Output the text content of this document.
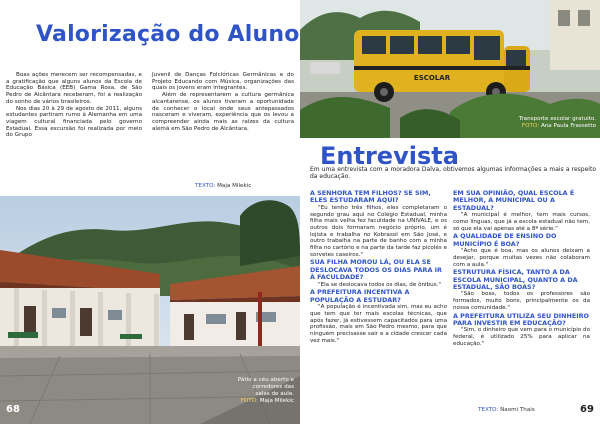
Valorização do Aluno

Boas ações merecem ser recompensadas, e a gratificação que alguns alunos da Escola de Educação Básica (EEB) Gama Rosa, de São Pedro de Alcântara receberam, foi a realização do sonho de vários brasileiros.

Nos dias 20 à 29 de agosto de 2011, alguns estudantes partiram rumo à Alemanha em uma viagem cultural financiada pelo governo Estadual. Essa excursão foi realizada por meio do Grupo

Juvenil de Danças Folclóricas Germânicas e do Projeto Educando com Música, organizações das quais os jovens eram integrantes.

Além de representarem a cultura germânica alcantarense, os alunos tiveram a oportunidade de conhecer o local onde seus antepassados nasceram e viveram, experiência que os levou a compreender ainda mais as raízes da cultura alemã em São Pedro de Alcântara.

TEXTO: Maja Milekic
Pátio a céu aberto e
corredores das
salas de aula.
FOTO: Maja Milekic
68
ESCOLAR
Transporte escolar gratuito.
FOTO: Ana Paula Frassetto
Entrevista
Em uma entrevista com a moradora Dalva, obtivemos algumas informações a mais a respeito da educação.
A SENHORA TEM FILHOS? SE SIM, ELES ESTUDARAM AQUI?
"Eu tenho três filhos, eles completaram o segundo grau aqui no Colégio Estadual, minha filha mais velha fez faculdade na UNIVALE, e os outros dois formaram negócio próprio, um é lojista e trabalha no Kobrasol em São José, e outro trabalha na parte de banho com a minha filha no cartório e na parte da tarde faz picolés e sorvetes caseiros."
SUA FILHA MOROU LÁ, OU ELA SE DESLOCAVA TODOS OS DIAS PARA IR À FACULDADE?
"Ela se deslocava todos os dias, de ônibus."
A PREFEITURA INCENTIVA A POPULAÇÃO A ESTUDAR?
"A população é incentivada sim, mas eu acho que tem que ter mais escolas técnicas, que após fazer, já estivessem capacitados para uma profissão, mais em São Pedro mesmo, para que ninguém precisasse sair e a cidade crescer cada vez mais."
EM SUA OPINIÃO, QUAL ESCOLA É MELHOR, A MUNICIPAL OU A ESTADUAL?
"A municipal é melhor, tem mais cursos, como línguas, que já a escola estadual não tem, só que ela vai apenas até a 8ª série."
A QUALIDADE DE ENSINO DO MUNICÍPIO É BOA?
"Acho que é boa, mas os alunos deixam a desejar, porque muitas vezes não colaboram com a aula."
ESTRUTURA FÍSICA, TANTO A DA ESCOLA MUNICIPAL, QUANTO A DA ESTADUAL, SÃO BOAS?
"São boas, todos os professores são formados, muito bons, principalmente os da nossa comunidade."
A PREFEITURA UTILIZA SEU DINHEIRO PARA INVESTIR EM EDUCAÇÃO?
"Sim, o dinheiro que vem para o município do federal, é utilizado 25% para aplicar na educação."
TEXTO: Naomi Thais	69
